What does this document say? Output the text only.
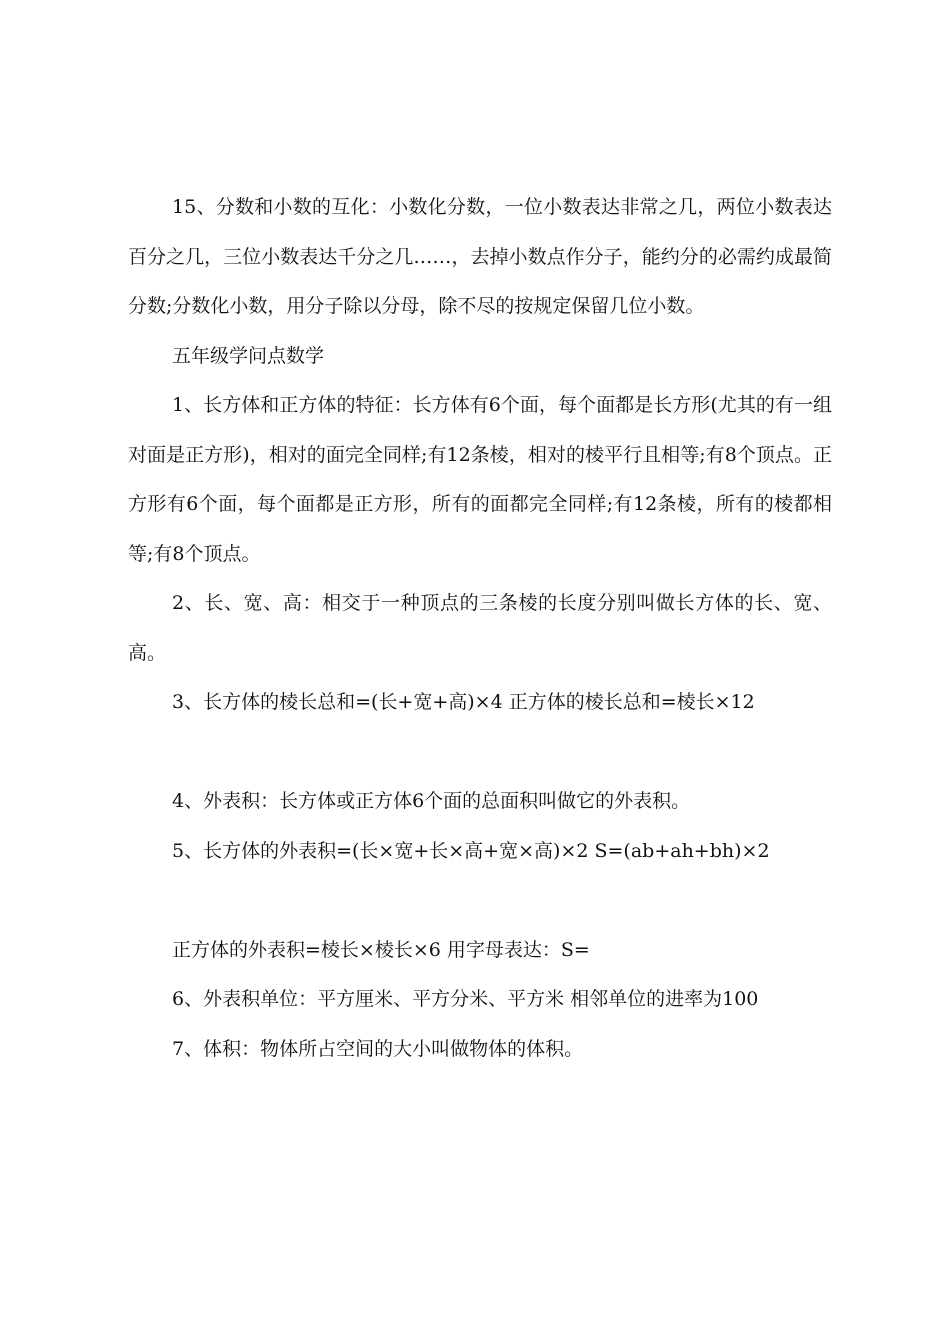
15、分数和小数的互化：小数化分数，一位小数表达非常之几，两位小数表达百分之几，三位小数表达千分之几……，去掉小数点作分子，能约分的必需约成最简分数;分数化小数，用分子除以分母，除不尽的按规定保留几位小数。

五年级学问点数学

1、长方体和正方体的特征：长方体有6个面，每个面都是长方形(尤其的有一组对面是正方形)，相对的面完全同样;有12条棱，相对的棱平行且相等;有8个顶点。正方形有6个面，每个面都是正方形，所有的面都完全同样;有12条棱，所有的棱都相等;有8个顶点。

2、长、宽、高：相交于一种顶点的三条棱的长度分别叫做长方体的长、宽、高。

3、长方体的棱长总和=(长+宽+高)×4 正方体的棱长总和=棱长×12

4、外表积：长方体或正方体6个面的总面积叫做它的外表积。

5、长方体的外表积=(长×宽+长×高+宽×高)×2 S=(ab+ah+bh)×2

正方体的外表积=棱长×棱长×6 用字母表达：S=

6、外表积单位：平方厘米、平方分米、平方米 相邻单位的进率为100

7、体积：物体所占空间的大小叫做物体的体积。
